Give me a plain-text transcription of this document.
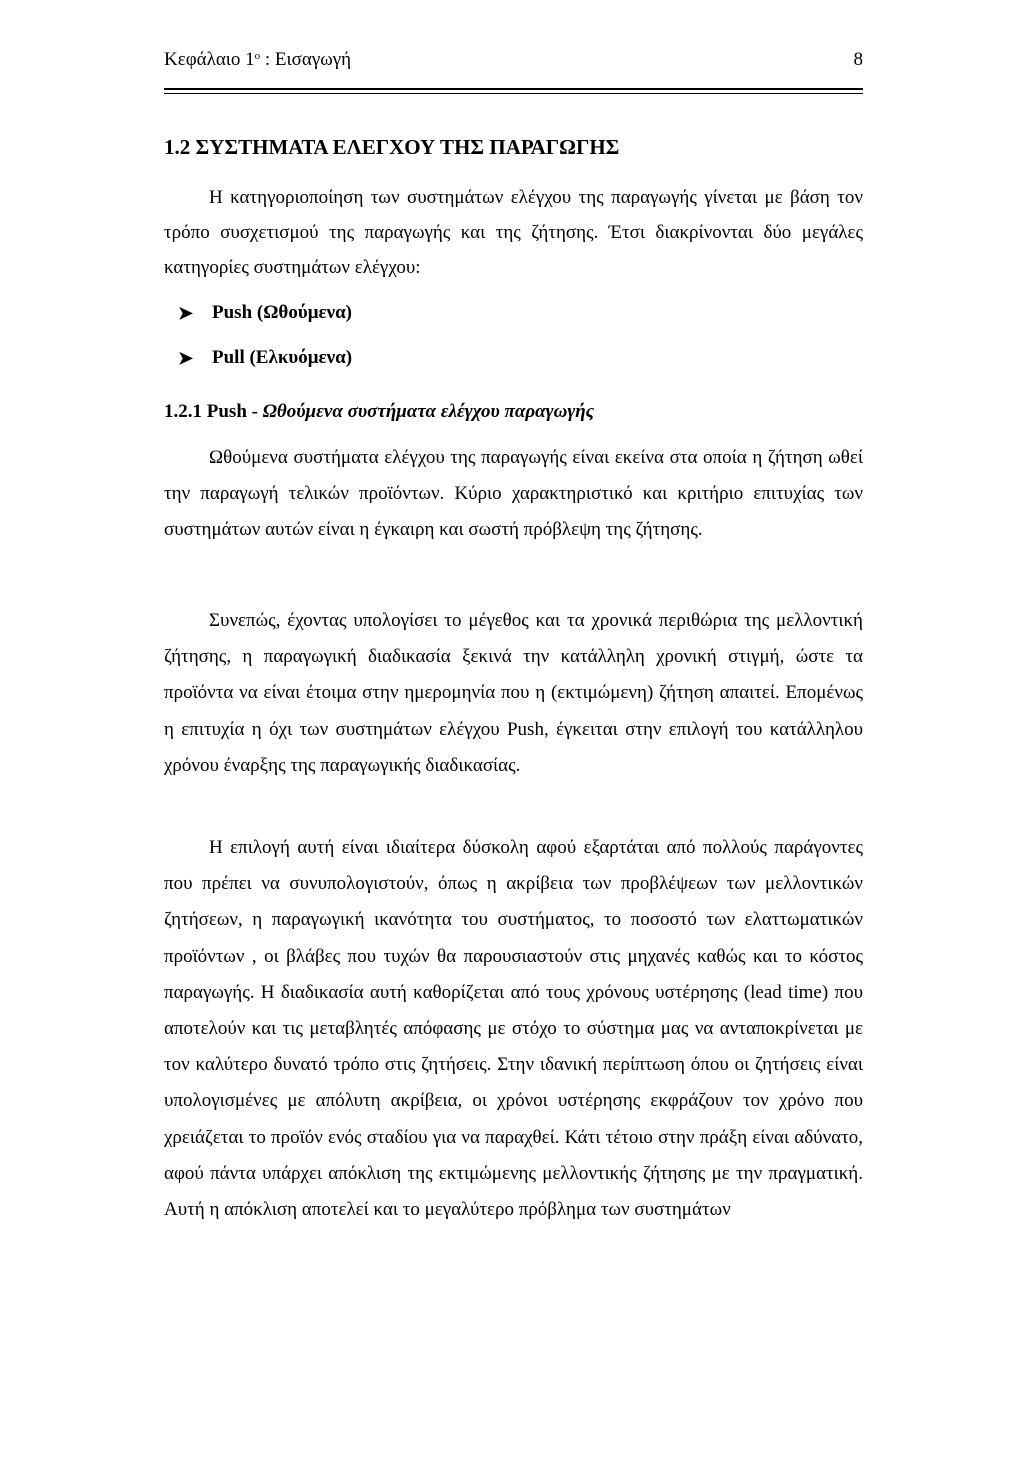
Κεφάλαιο $1^o$ : Εισαγωγή	8
1.2 ΣΥΣΤΗΜΑΤΑ ΕΛΕΓΧΟΥ ΤΗΣ ΠΑΡΑΓΩΓΗΣ

Η κατηγοριοποίηση των συστημάτων ελέγχου της παραγωγής γίνεται με βάση τον τρόπο συσχετισμού της παραγωγής και της ζήτησης. Έτσι διακρίνονται δύο μεγάλες κατηγορίες συστημάτων ελέγχου:

➤ Push (Ωθούμενα)
➤ Pull (Ελκυόμενα)
1.2.1 Push - Ωθούμενα συστήματα ελέγχου παραγωγής

Ωθούμενα συστήματα ελέγχου της παραγωγής είναι εκείνα στα οποία η ζήτηση ωθεί την παραγωγή τελικών προϊόντων. Κύριο χαρακτηριστικό και κριτήριο επιτυχίας των συστημάτων αυτών είναι η έγκαιρη και σωστή πρόβλεψη της ζήτησης.

Συνεπώς, έχοντας υπολογίσει το μέγεθος και τα χρονικά περιθώρια της μελλοντική ζήτησης, η παραγωγική διαδικασία ξεκινά την κατάλληλη χρονική στιγμή, ώστε τα προϊόντα να είναι έτοιμα στην ημερομηνία που η (εκτιμώμενη) ζήτηση απαιτεί. Επομένως η επιτυχία η όχι των συστημάτων ελέγχου Push, έγκειται στην επιλογή του κατάλληλου χρόνου έναρξης της παραγωγικής διαδικασίας.

Η επιλογή αυτή είναι ιδιαίτερα δύσκολη αφού εξαρτάται από πολλούς παράγοντες που πρέπει να συνυπολογιστούν, όπως η ακρίβεια των προβλέψεων των μελλοντικών ζητήσεων, η παραγωγική ικανότητα του συστήματος, το ποσοστό των ελαττωματικών προϊόντων , οι βλάβες που τυχών θα παρουσιαστούν στις μηχανές καθώς και το κόστος παραγωγής. Η διαδικασία αυτή καθορίζεται από τους χρόνους υστέρησης (lead time) που αποτελούν και τις μεταβλητές απόφασης με στόχο το σύστημα μας να ανταποκρίνεται με τον καλύτερο δυνατό τρόπο στις ζητήσεις. Στην ιδανική περίπτωση όπου οι ζητήσεις είναι υπολογισμένες με απόλυτη ακρίβεια, οι χρόνοι υστέρησης εκφράζουν τον χρόνο που χρειάζεται το προϊόν ενός σταδίου για να παραχθεί. Κάτι τέτοιο στην πράξη είναι αδύνατο, αφού πάντα υπάρχει απόκλιση της εκτιμώμενης μελλοντικής ζήτησης με την πραγματική. Αυτή η απόκλιση αποτελεί και το μεγαλύτερο πρόβλημα των συστημάτων
